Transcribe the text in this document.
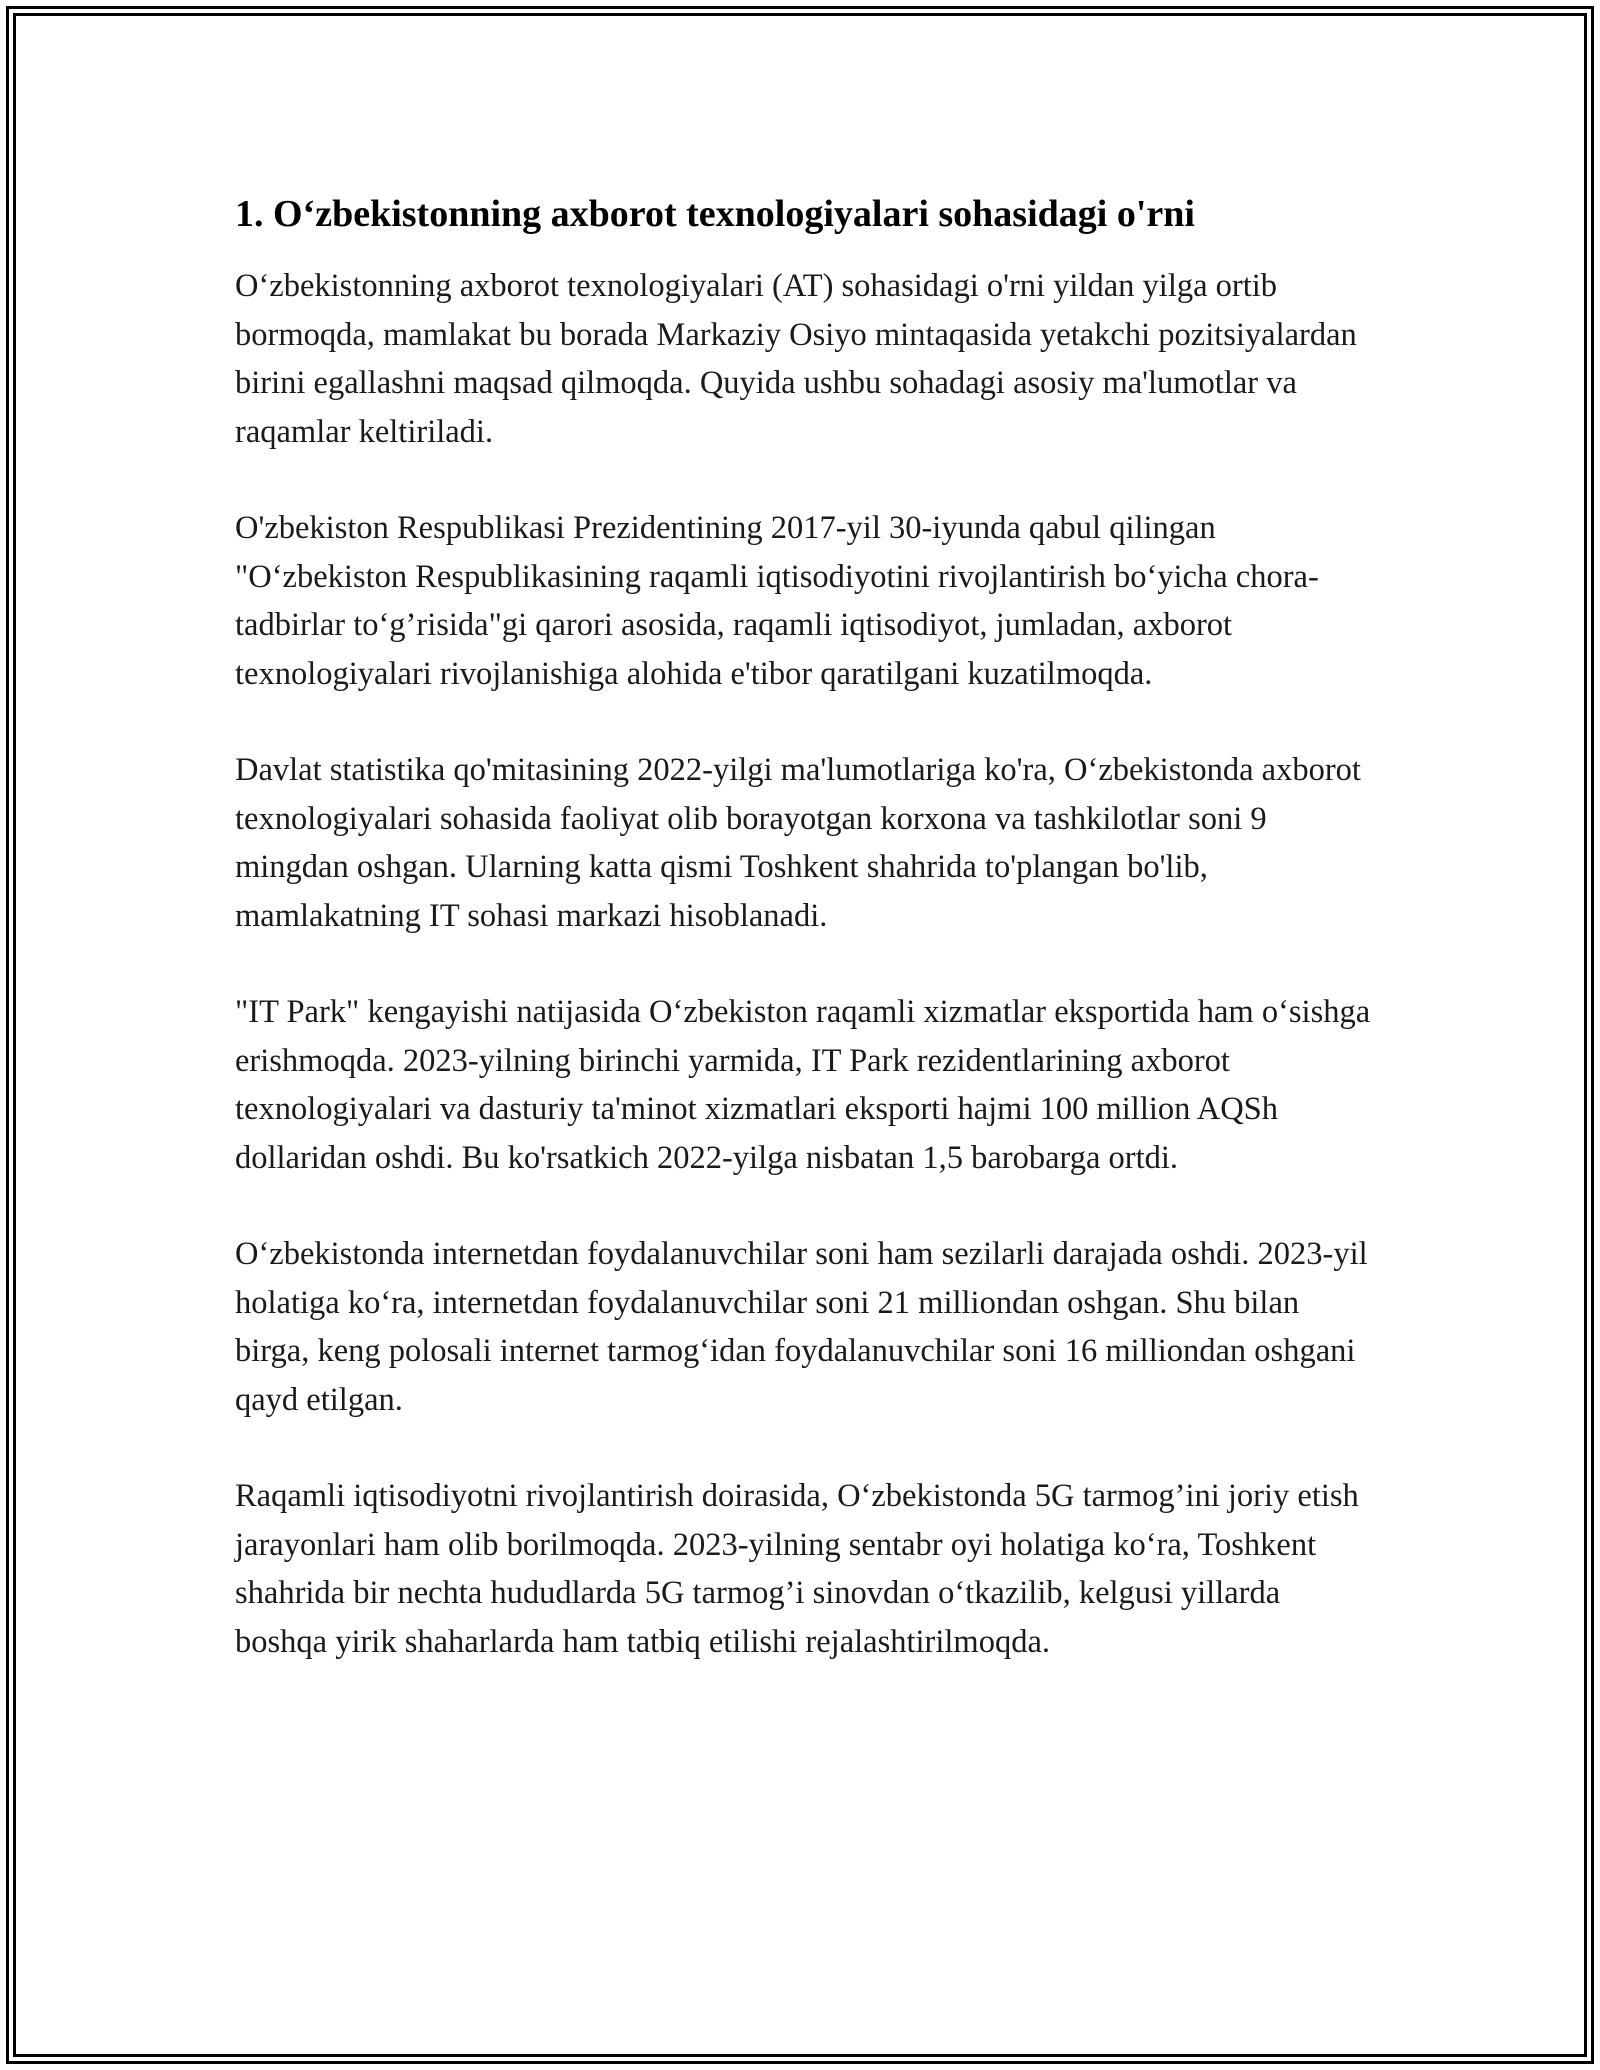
1. O‘zbekistonning axborot texnologiyalari sohasidagi o'rni

O‘zbekistonning axborot texnologiyalari (AT) sohasidagi o'rni yildan yilga ortib bormoqda, mamlakat bu borada Markaziy Osiyo mintaqasida yetakchi pozitsiyalardan birini egallashni maqsad qilmoqda. Quyida ushbu sohadagi asosiy ma'lumotlar va raqamlar keltiriladi.

O'zbekiston Respublikasi Prezidentining 2017-yil 30-iyunda qabul qilingan "O‘zbekiston Respublikasining raqamli iqtisodiyotini rivojlantirish bo‘yicha chora-tadbirlar to‘g’risida"gi qarori asosida, raqamli iqtisodiyot, jumladan, axborot texnologiyalari rivojlanishiga alohida e'tibor qaratilgani kuzatilmoqda.

Davlat statistika qo'mitasining 2022-yilgi ma'lumotlariga ko'ra, O‘zbekistonda axborot texnologiyalari sohasida faoliyat olib borayotgan korxona va tashkilotlar soni 9 mingdan oshgan. Ularning katta qismi Toshkent shahrida to'plangan bo'lib, mamlakatning IT sohasi markazi hisoblanadi.

"IT Park" kengayishi natijasida O‘zbekiston raqamli xizmatlar eksportida ham o‘sishga erishmoqda. 2023-yilning birinchi yarmida, IT Park rezidentlarining axborot texnologiyalari va dasturiy ta'minot xizmatlari eksporti hajmi 100 million AQSh dollaridan oshdi. Bu ko'rsatkich 2022-yilga nisbatan 1,5 barobarga ortdi.

O‘zbekistonda internetdan foydalanuvchilar soni ham sezilarli darajada oshdi. 2023-yil holatiga ko‘ra, internetdan foydalanuvchilar soni 21 milliondan oshgan. Shu bilan birga, keng polosali internet tarmog‘idan foydalanuvchilar soni 16 milliondan oshgani qayd etilgan.

Raqamli iqtisodiyotni rivojlantirish doirasida, O‘zbekistonda 5G tarmog’ini joriy etish jarayonlari ham olib borilmoqda. 2023-yilning sentabr oyi holatiga ko‘ra, Toshkent shahrida bir nechta hududlarda 5G tarmog’i sinovdan o‘tkazilib, kelgusi yillarda boshqa yirik shaharlarda ham tatbiq etilishi rejalashtirilmoqda.
